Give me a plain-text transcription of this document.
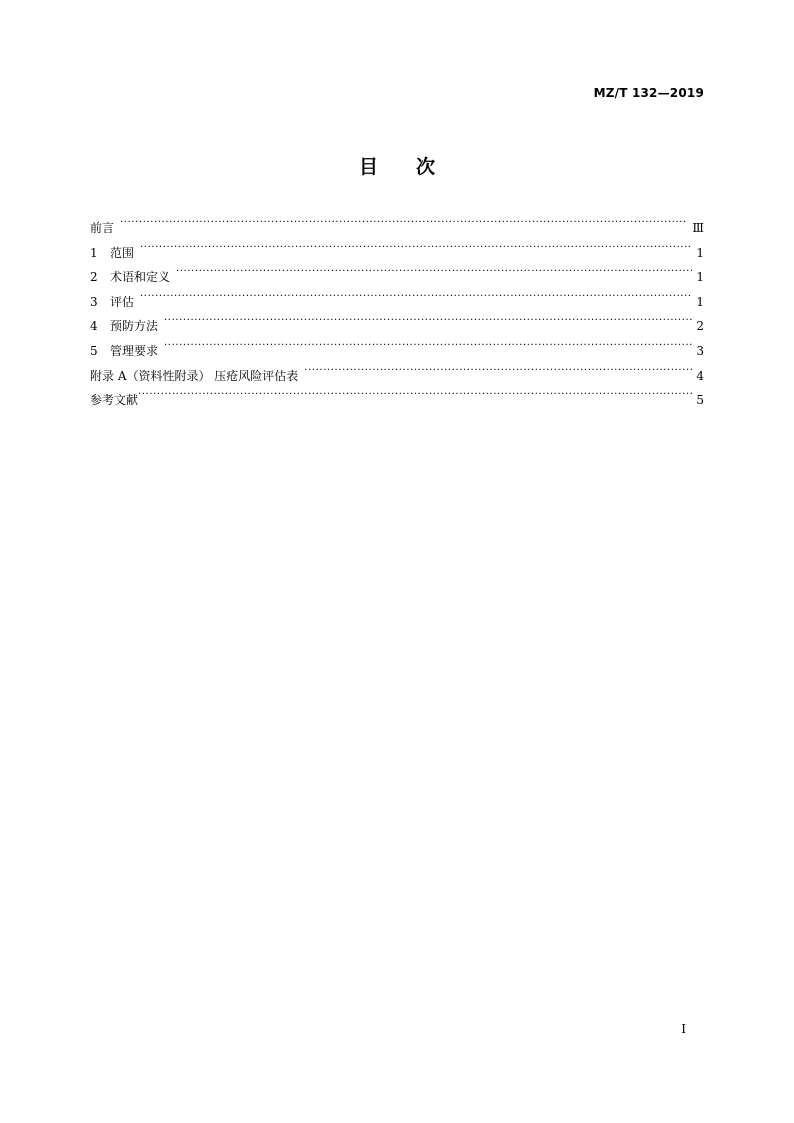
MZ/T 132—2019
目次
前言 ·····	Ⅲ
1 范围 ·····	1
2 术语和定义 ·····	1
3 评估 ·····	1
4 预防方法 ·····	2
5 管理要求 ·····	3
附录 A（资料性附录） 压疮风险评估表 ·····	4
参考文献 ·····	5
I
